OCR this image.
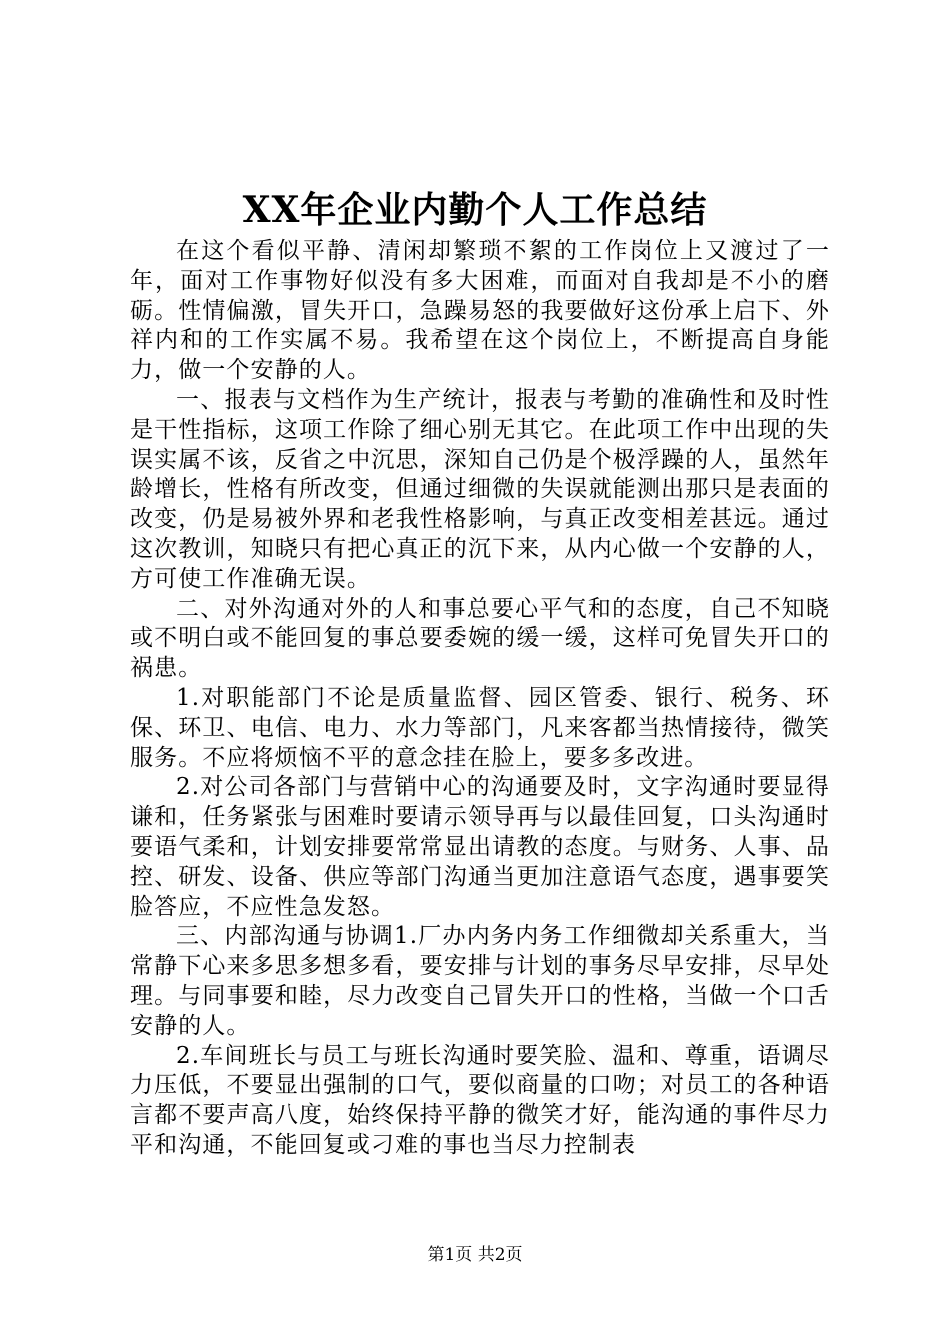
XX年企业内勤个人工作总结

在这个看似平静、清闲却繁琐不絮的工作岗位上又渡过了一年，面对工作事物好似没有多大困难，而面对自我却是不小的磨砺。性情偏激，冒失开口，急躁易怒的我要做好这份承上启下、外祥内和的工作实属不易。我希望在这个岗位上，不断提高自身能力，做一个安静的人。

一、报表与文档作为生产统计，报表与考勤的准确性和及时性是干性指标，这项工作除了细心别无其它。在此项工作中出现的失误实属不该，反省之中沉思，深知自己仍是个极浮躁的人，虽然年龄增长，性格有所改变，但通过细微的失误就能测出那只是表面的改变，仍是易被外界和老我性格影响，与真正改变相差甚远。通过这次教训，知晓只有把心真正的沉下来，从内心做一个安静的人，方可使工作准确无误。

二、对外沟通对外的人和事总要心平气和的态度，自己不知晓或不明白或不能回复的事总要委婉的缓一缓，这样可免冒失开口的祸患。

1.对职能部门不论是质量监督、园区管委、银行、税务、环保、环卫、电信、电力、水力等部门，凡来客都当热情接待，微笑服务。不应将烦恼不平的意念挂在脸上，要多多改进。

2.对公司各部门与营销中心的沟通要及时，文字沟通时要显得谦和，任务紧张与困难时要请示领导再与以最佳回复，口头沟通时要语气柔和，计划安排要常常显出请教的态度。与财务、人事、品控、研发、设备、供应等部门沟通当更加注意语气态度，遇事要笑脸答应，不应性急发怒。

三、内部沟通与协调1.厂办内务内务工作细微却关系重大，当常静下心来多思多想多看，要安排与计划的事务尽早安排，尽早处理。与同事要和睦，尽力改变自己冒失开口的性格，当做一个口舌安静的人。

2.车间班长与员工与班长沟通时要笑脸、温和、尊重，语调尽力压低，不要显出强制的口气，要似商量的口吻；对员工的各种语言都不要声高八度，始终保持平静的微笑才好，能沟通的事件尽力平和沟通，不能回复或刁难的事也当尽力控制表

第1页 共2页
